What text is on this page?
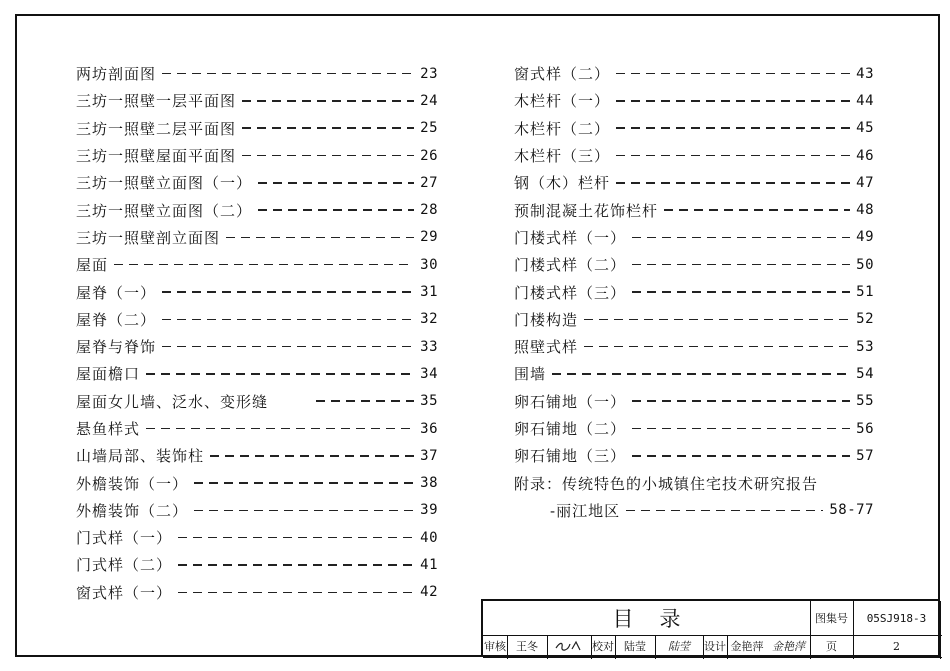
两坊剖面图	23
三坊一照壁一层平面图	24
三坊一照壁二层平面图	25
三坊一照壁屋面平面图	26
三坊一照壁立面图（一）	27
三坊一照壁立面图（二）	28
三坊一照壁剖立面图	29
屋面	30
屋脊（一）	31
屋脊（二）	32
屋脊与脊饰	33
屋面檐口	34
屋面女儿墙、泛水、变形缝	35
悬鱼样式	36
山墙局部、装饰柱	37
外檐装饰（一）	38
外檐装饰（二）	39
门式样（一）	40
门式样（二）	41
窗式样（一）	42
窗式样（二）	43
木栏杆（一）	44
木栏杆（二）	45
木栏杆（三）	46
钢（木）栏杆	47
预制混凝土花饰栏杆	48
门楼式样（一）	49
门楼式样（二）	50
门楼式样（三）	51
门楼构造	52
照壁式样	53
围墙	54
卵石铺地（一）	55
卵石铺地（二）	56
卵石铺地（三）	57
附录：传统特色的小城镇住宅技术研究报告
-丽江地区	58-77
目录	图集号	05SJ918-3
审核 王冬	校对 陆莹	陆莹	设计 金艳萍 金艳萍	页	2
